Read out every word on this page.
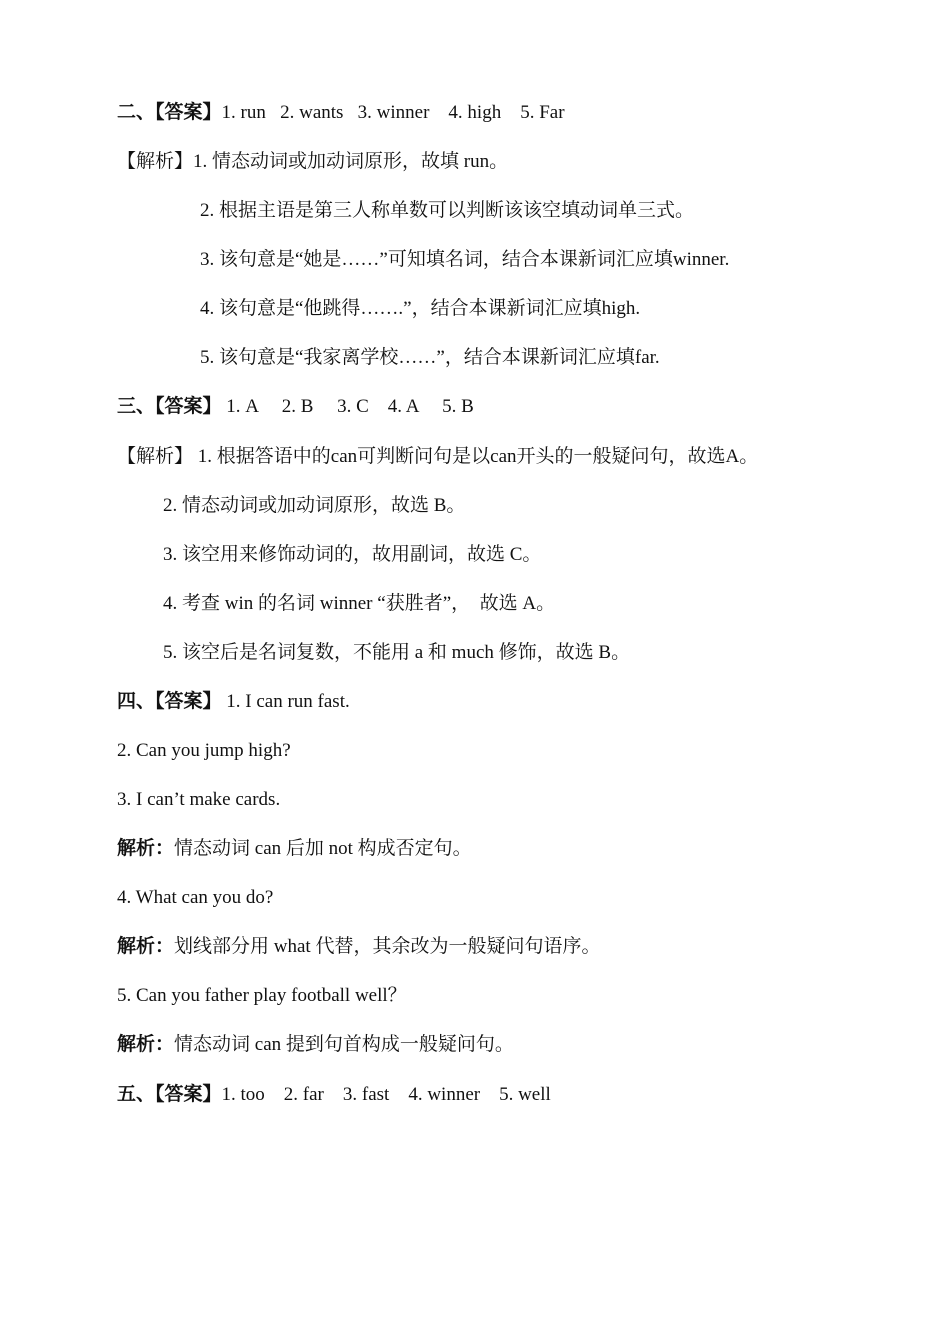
二、【答案】1. run   2. wants   3. winner    4. high    5. Far
【解析】1. 情态动词或加动词原形，故填 run。
2. 根据主语是第三人称单数可以判断该该空填动词单三式。
3. 该句意是“她是……”可知填名词，结合本课新词汇应填winner.
4. 该句意是“他跳得…….”，结合本课新词汇应填high.
5. 该句意是“我家离学校……”，结合本课新词汇应填far.
三、【答案】 1. A     2. B     3. C    4. A     5. B
【解析】 1. 根据答语中的can可判断问句是以can开头的一般疑问句，故选A。
2. 情态动词或加动词原形，故选 B。
3. 该空用来修饰动词的，故用副词，故选 C。
4. 考查 win 的名词 winner “获胜者”，  故选 A。
5. 该空后是名词复数，不能用 a 和 much 修饰，故选 B。
四、【答案】 1. I can run fast.
2. Can you jump high?
3. I can’t make cards.
解析：情态动词 can 后加 not 构成否定句。
4. What can you do?
解析：划线部分用 what 代替，其余改为一般疑问句语序。
5. Can you father play football well？
解析：情态动词 can 提到句首构成一般疑问句。
五、【答案】1. too    2. far    3. fast    4. winner    5. well
